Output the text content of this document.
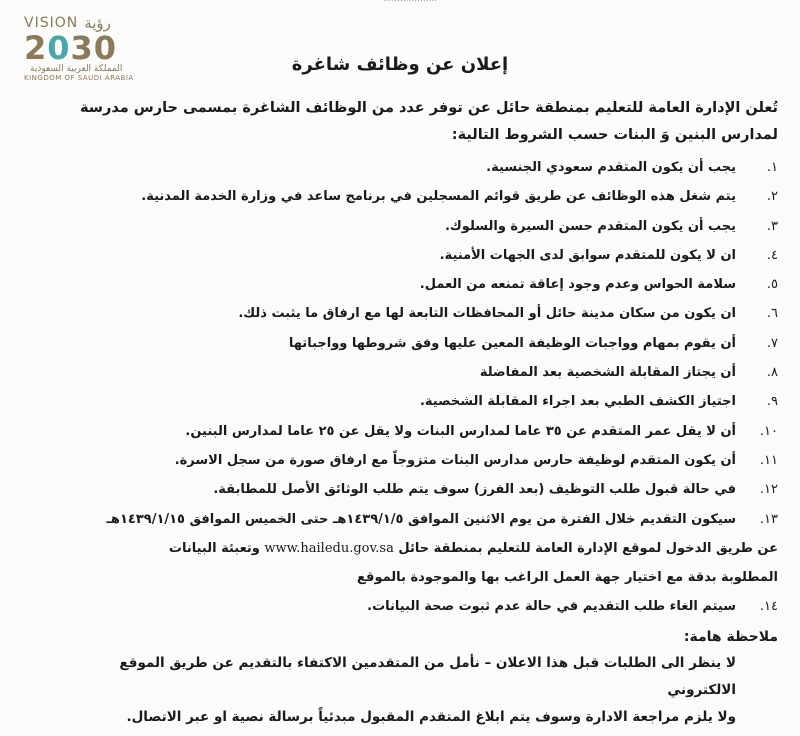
VISION رؤية
2030
المملكة العربية السعودية
KINGDOM OF SAUDI ARABIA
إعلان عن وظائف شاغرة

تُعلن الإدارة العامة للتعليم بمنطقة حائل عن توفر عدد من الوظائف الشاغرة بمسمى حارس مدرسة

لمدارس البنين وَ البنات حسب الشروط التالية:

١.
يجب أن يكون المتقدم سعودي الجنسية.
٢.
يتم شغل هذه الوظائف عن طريق قوائم المسجلين في برنامج ساعد في وزارة الخدمة المدنية.
٣.
يجب أن يكون المتقدم حسن السيرة والسلوك.
٤.
ان لا يكون للمتقدم سوابق لدى الجهات الأمنية.
٥.
سلامة الحواس وعدم وجود إعاقة تمنعه من العمل.
٦.
ان يكون من سكان مدينة حائل أو المحافظات التابعة لها مع ارفاق ما يثبت ذلك.
٧.
أن يقوم بمهام وواجبات الوظيفة المعين عليها وفق شروطها وواجباتها
٨.
أن يجتاز المقابلة الشخصية بعد المفاضلة
٩.
اجتياز الكشف الطبي بعد اجراء المقابلة الشخصية.
١٠.
أن لا يقل عمر المتقدم عن ٣٥ عاما لمدارس البنات ولا يقل عن ٢٥ عاما لمدارس البنين.
١١.
أن يكون المتقدم لوظيفة حارس مدارس البنات متزوجاً مع ارفاق صورة من سجل الاسرة.
١٢.
في حالة قبول طلب التوظيف (بعد الفرز) سوف يتم طلب الوثائق الأصل للمطابقة.
١٣.
سيكون التقديم خلال الفترة من يوم الاثنين الموافق ١٤٣٩/١/٥هـ حتى الخميس الموافق ١٤٣٩/١/١٥هـ
عن طريق الدخول لموقع الإدارة العامة للتعليم بمنطقة حائل www.hailedu.gov.sa وتعبئة البيانات
المطلوبة بدقة مع اختيار جهة العمل الراغب بها والموجودة بالموقع
١٤.
سيتم الغاء طلب التقديم في حالة عدم ثبوت صحة البيانات.
ملاحظة هامة:

لا ينظر الى الطلبات قبل هذا الاعلان – نأمل من المتقدمين الاكتفاء بالتقديم عن طريق الموقع الالكتروني

ولا يلزم مراجعة الادارة وسوف يتم ابلاغ المتقدم المقبول مبدئياً برسالة نصية او عبر الاتصال.
